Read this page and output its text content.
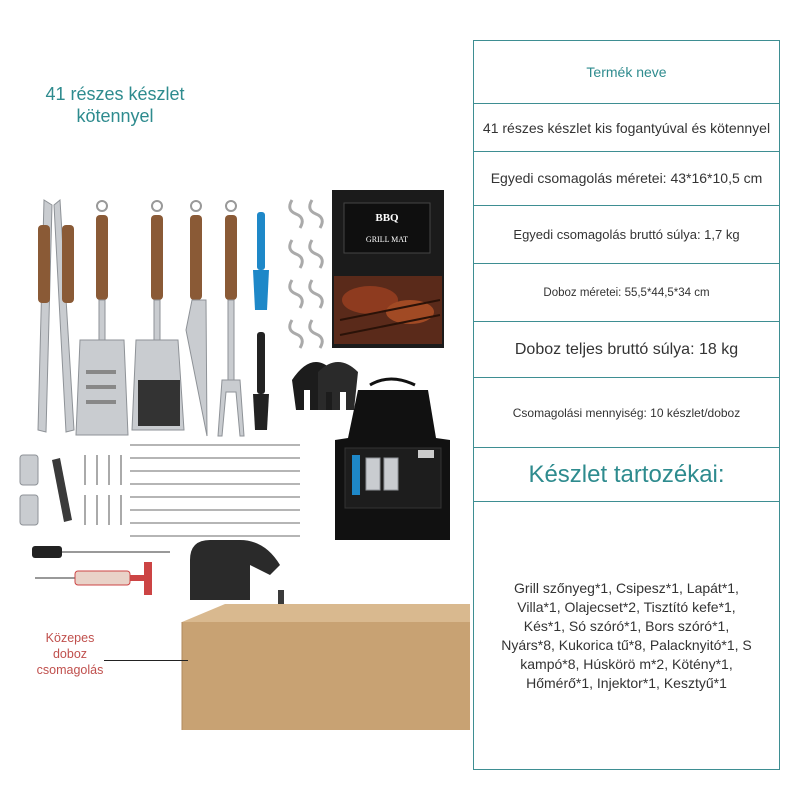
41 részes készlet
kötennyel
BBQ
GRILL MAT
Közepes
doboz
csomagolás
Termék neve
41 részes készlet kis fogantyúval és kötennyel
Egyedi csomagolás méretei: 43*16*10,5 cm
Egyedi csomagolás bruttó súlya: 1,7 kg
Doboz méretei: 55,5*44,5*34 cm
Doboz teljes bruttó súlya: 18 kg
Csomagolási mennyiség: 10 készlet/doboz
Készlet tartozékai:
Grill szőnyeg*1, Csipesz*1, Lapát*1, Villa*1, Olajecset*2, Tisztító kefe*1, Kés*1, Só szóró*1, Bors szóró*1, Nyárs*8, Kukorica tű*8, Palacknyitó*1, S kampó*8, Húskörö m*2, Kötény*1, Hőmérő*1, Injektor*1, Kesztyű*1
